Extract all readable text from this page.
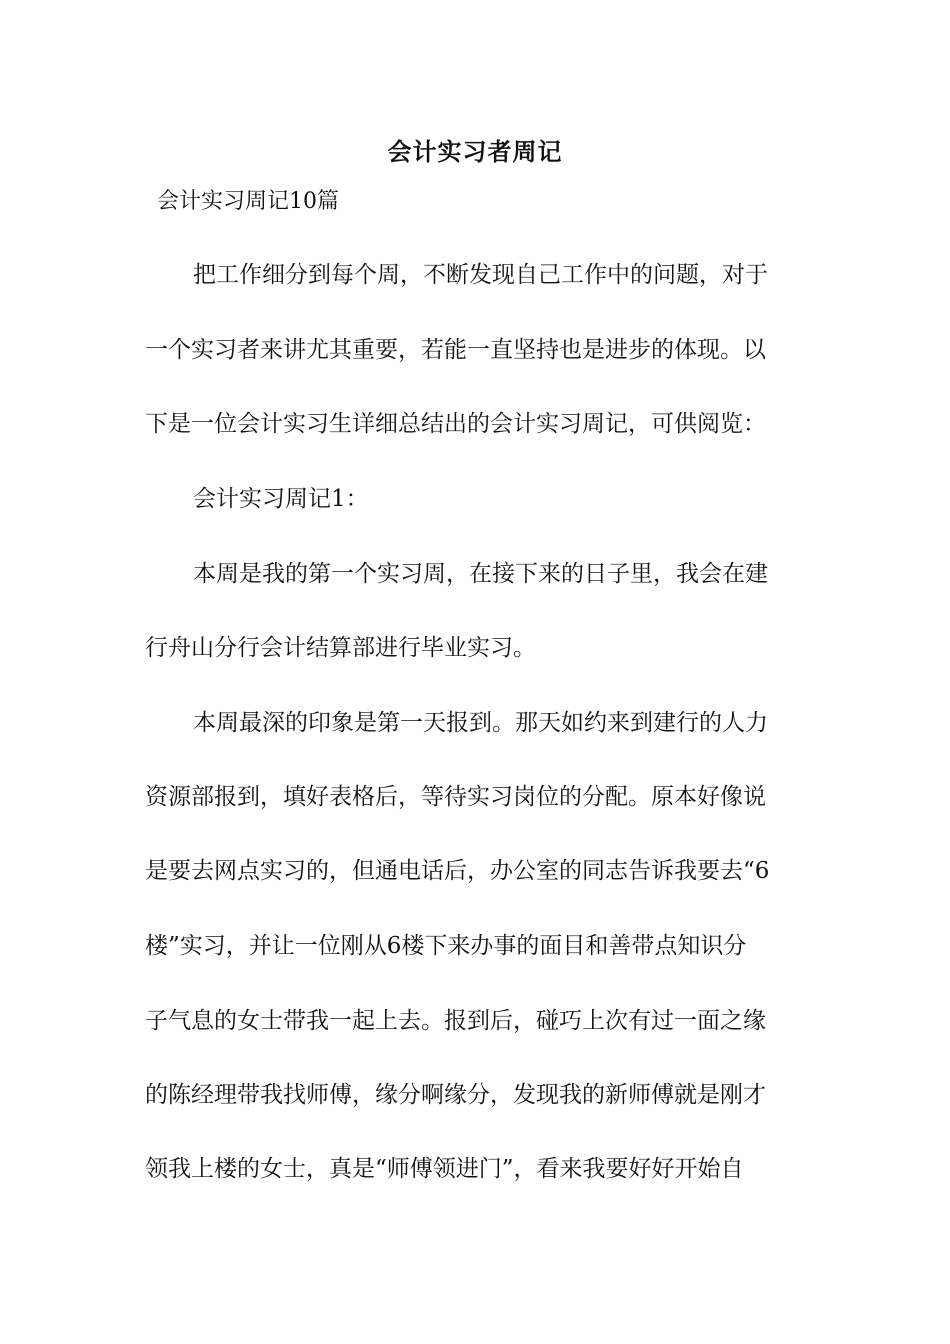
会计实习者周记
会计实习周记10篇
把工作细分到每个周，不断发现自己工作中的问题，对于
一个实习者来讲尤其重要，若能一直坚持也是进步的体现。以
下是一位会计实习生详细总结出的会计实习周记，可供阅览：
会计实习周记1：
本周是我的第一个实习周，在接下来的日子里，我会在建
行舟山分行会计结算部进行毕业实习。
本周最深的印象是第一天报到。那天如约来到建行的人力
资源部报到，填好表格后，等待实习岗位的分配。原本好像说
是要去网点实习的，但通电话后，办公室的同志告诉我要去“6
楼”实习，并让一位刚从6楼下来办事的面目和善带点知识分
子气息的女士带我一起上去。报到后，碰巧上次有过一面之缘
的陈经理带我找师傅，缘分啊缘分，发现我的新师傅就是刚才
领我上楼的女士，真是“师傅领进门”，看来我要好好开始自
